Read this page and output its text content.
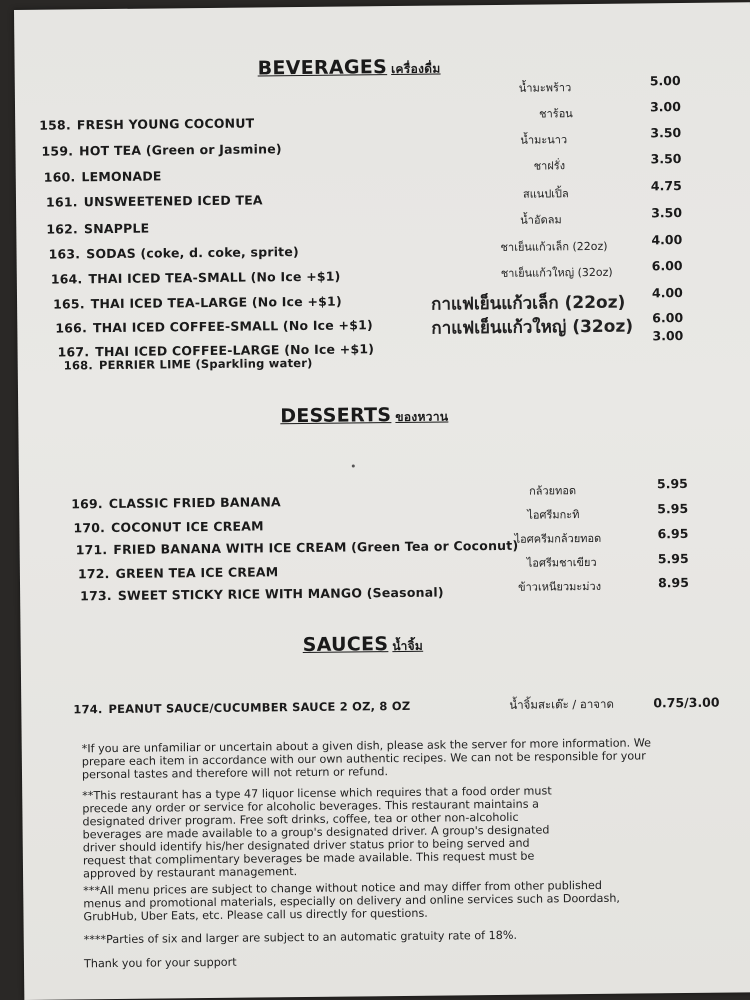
BEVERAGES เครื่องดื่ม
158. FRESH YOUNG COCONUT
159. HOT TEA (Green or Jasmine)
160. LEMONADE
161. UNSWEETENED ICED TEA
162. SNAPPLE
163. SODAS (coke, d. coke, sprite)
164. THAI ICED TEA-SMALL (No Ice +$1)
165. THAI ICED TEA-LARGE (No Ice +$1)
166. THAI ICED COFFEE-SMALL (No Ice +$1)
167. THAI ICED COFFEE-LARGE (No Ice +$1)
168. PERRIER LIME (Sparkling water)
น้ำมะพร้าว
ชาร้อน
น้ำมะนาว
ชาฝรั่ง
สแนปเปิ้ล
น้ำอัดลม
ชาเย็นแก้วเล็ก (22oz)
ชาเย็นแก้วใหญ่ (32oz)
กาแฟเย็นแก้วเล็ก (22oz)
กาแฟเย็นแก้วใหญ่ (32oz)
5.00
3.00
3.50
3.50
4.75
3.50
4.00
6.00
4.00
6.00
3.00
DESSERTS ของหวาน
169. CLASSIC FRIED BANANA
170. COCONUT ICE CREAM
171. FRIED BANANA WITH ICE CREAM (Green Tea or Coconut)
172. GREEN TEA ICE CREAM
173. SWEET STICKY RICE WITH MANGO (Seasonal)
กล้วยทอด
ไอศรีมกะทิ
ไอศครีมกล้วยทอด
ไอศรีมชาเขียว
ข้าวเหนียวมะม่วง
5.95
5.95
6.95
5.95
8.95
SAUCES น้ำจิ้ม
174. PEANUT SAUCE/CUCUMBER SAUCE 2 OZ, 8 OZ	น้ำจิ้มสะเต๊ะ / อาจาด	0.75/3.00
*If you are unfamiliar or uncertain about a given dish, please ask the server for more information. We prepare each item in accordance with our own authentic recipes. We can not be responsible for your personal tastes and therefore will not return or refund.
**This restaurant has a type 47 liquor license which requires that a food order must precede any order or service for alcoholic beverages. This restaurant maintains a designated driver program. Free soft drinks, coffee, tea or other non-alcoholic beverages are made available to a group's designated driver. A group's designated driver should identify his/her designated driver status prior to being served and request that complimentary beverages be made available. This request must be approved by restaurant management.
***All menu prices are subject to change without notice and may differ from other published menus and promotional materials, especially on delivery and online services such as Doordash, GrubHub, Uber Eats, etc. Please call us directly for questions.
****Parties of six and larger are subject to an automatic gratuity rate of 18%.
Thank you for your support
